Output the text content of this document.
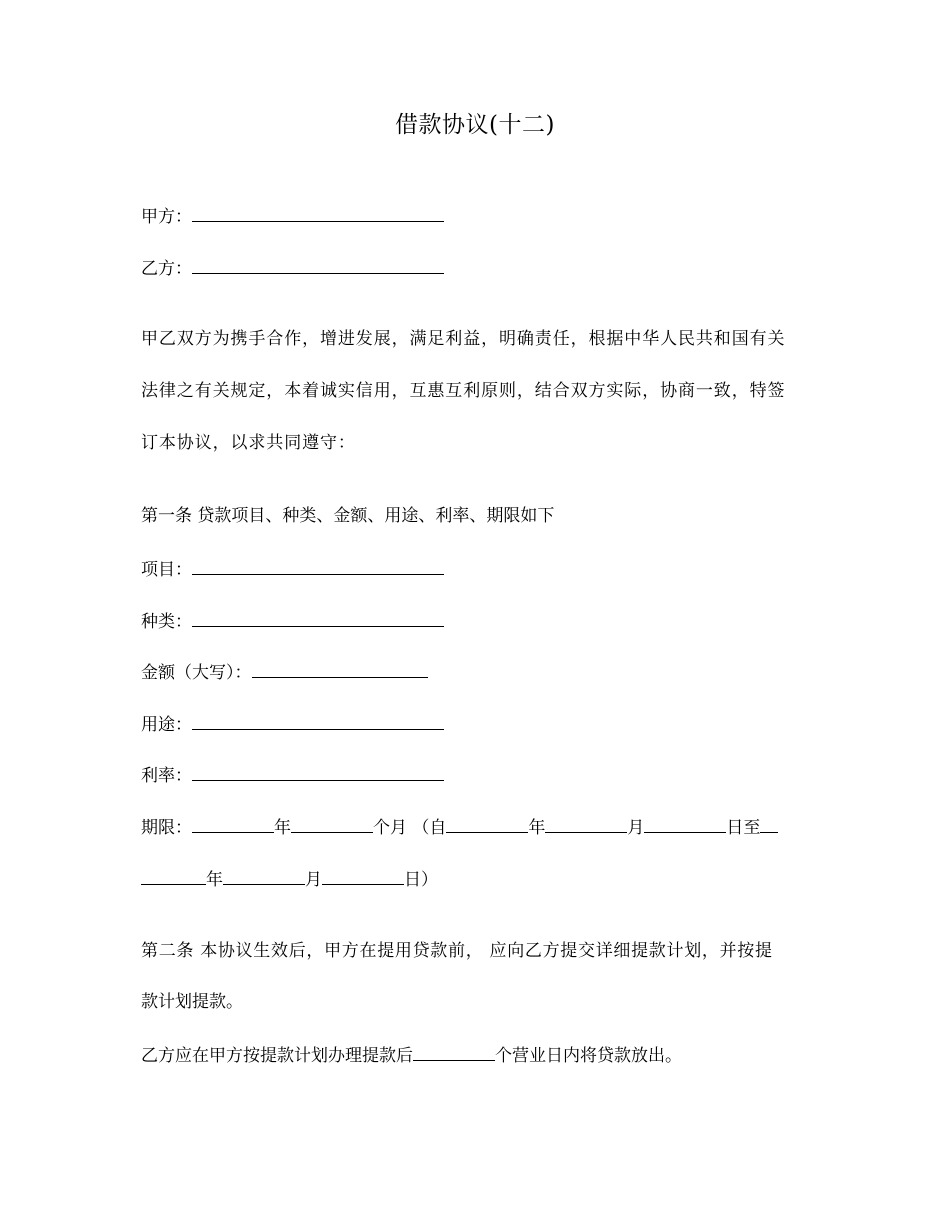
借款协议(十二)
甲方：
乙方：
甲乙双方为携手合作，增进发展，满足利益，明确责任，根据中华人民共和国有关
法律之有关规定，本着诚实信用，互惠互利原则，结合双方实际，协商一致，特签
订本协议，以求共同遵守：
第一条 贷款项目、种类、金额、用途、利率、期限如下
项目：
种类：
金额（大写）：
用途：
利率：
期限：	年	个月 （自	年	月	日至
年	月	日）
第二条 本协议生效后，甲方在提用贷款前， 应向乙方提交详细提款计划，并按提
款计划提款。
乙方应在甲方按提款计划办理提款后	个营业日内将贷款放出。
